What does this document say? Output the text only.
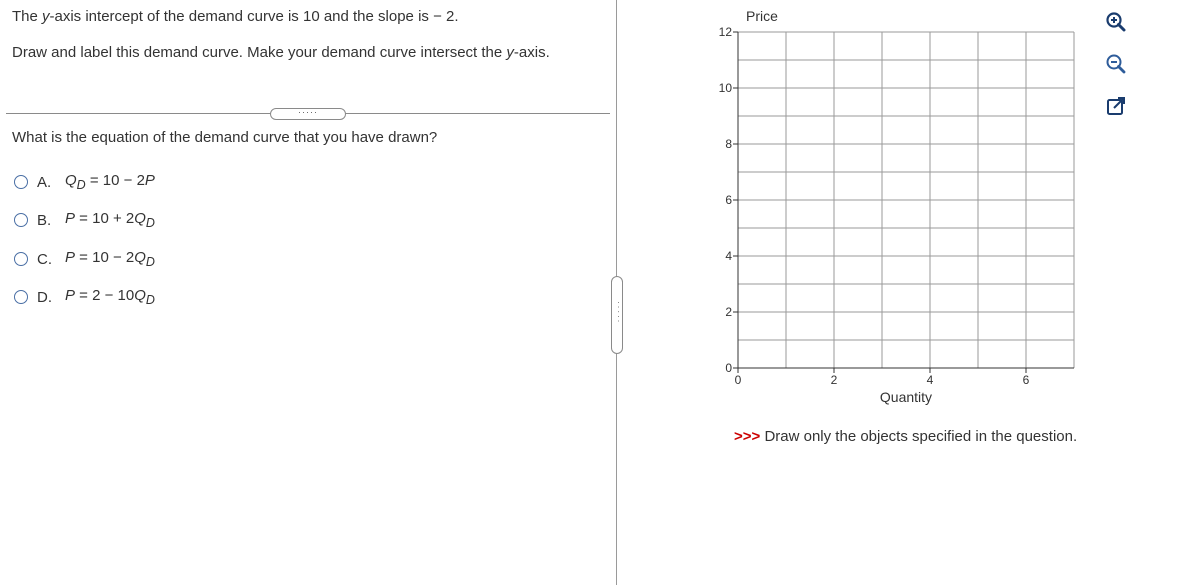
The y-axis intercept of the demand curve is 10 and the slope is − 2.
Draw and label this demand curve. Make your demand curve intersect the y-axis.
·····
What is the equation of the demand curve that you have drawn?
A. $Q_D = 10 - 2P$
B. $P = 10 + 2Q_D$
C. $P = 10 - 2Q_D$
D. $P = 2 - 10Q_D$
·····
0	2	4	6
0
2
4
6
8
10
12
Price
Quantity
>>> Draw only the objects specified in the question.
